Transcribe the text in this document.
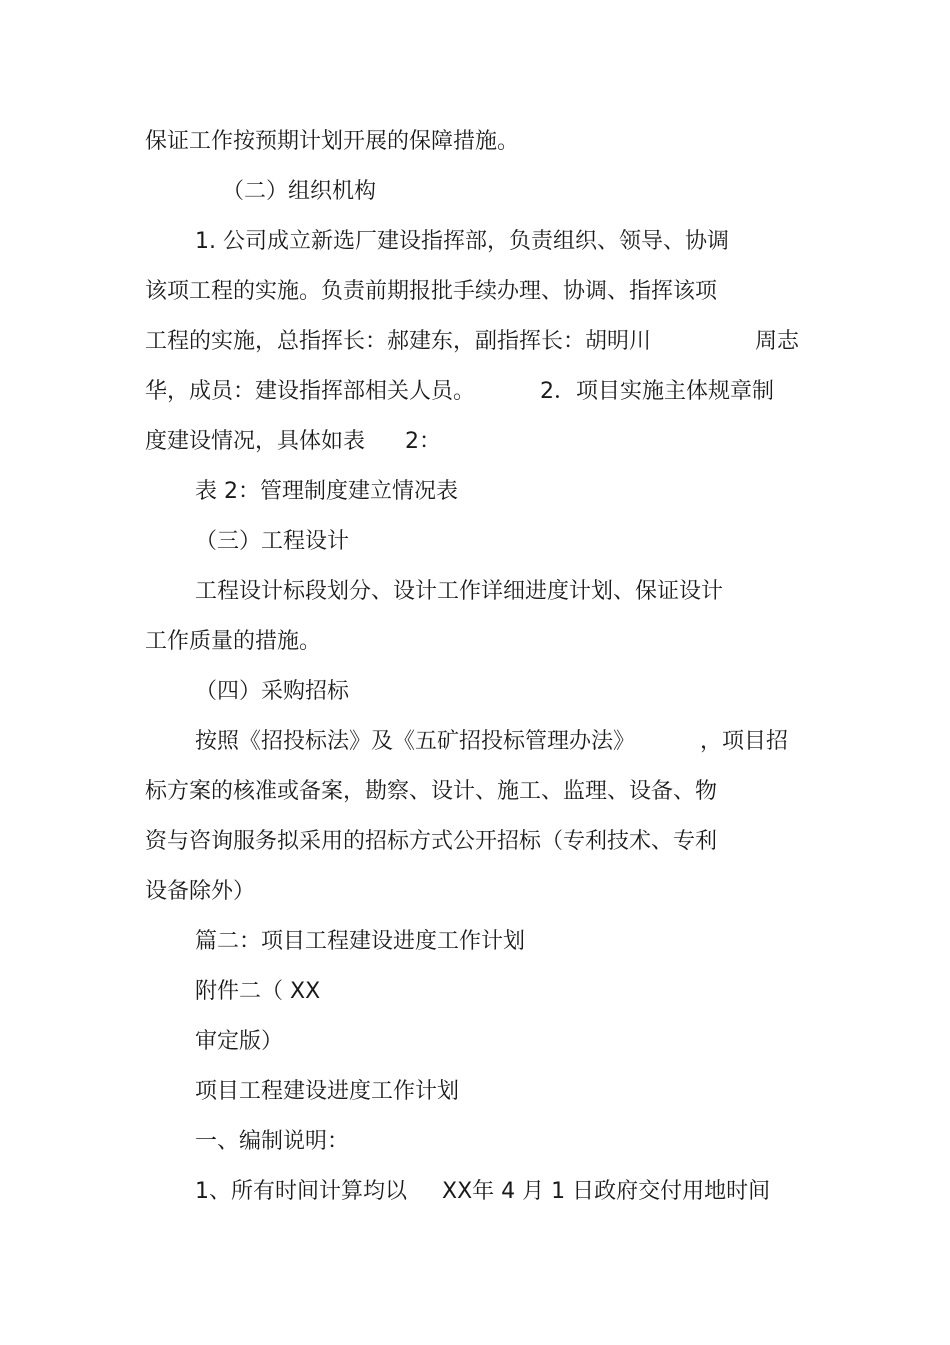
保证工作按预期计划开展的保障措施。
（二）组织机构
1. 公司成立新选厂建设指挥部，负责组织、领导、协调
该项工程的实施。负责前期报批手续办理、协调、指挥该项
工程的实施，总指挥长：郝建东，副指挥长：胡明川	周志
华，成员：建设指挥部相关人员。	2．项目实施主体规章制
度建设情况，具体如表 2：
表 2：管理制度建立情况表
（三）工程设计
工程设计标段划分、设计工作详细进度计划、保证设计
工作质量的措施。
（四）采购招标
按照《招投标法》及《五矿招投标管理办法》	，项目招
标方案的核准或备案，勘察、设计、施工、监理、设备、物
资与咨询服务拟采用的招标方式公开招标（专利技术、专利
设备除外）
篇二：项目工程建设进度工作计划
附件二（ XX
审定版）
项目工程建设进度工作计划
一、编制说明：
1、所有时间计算均以 XX年 4 月 1 日政府交付用地时间
